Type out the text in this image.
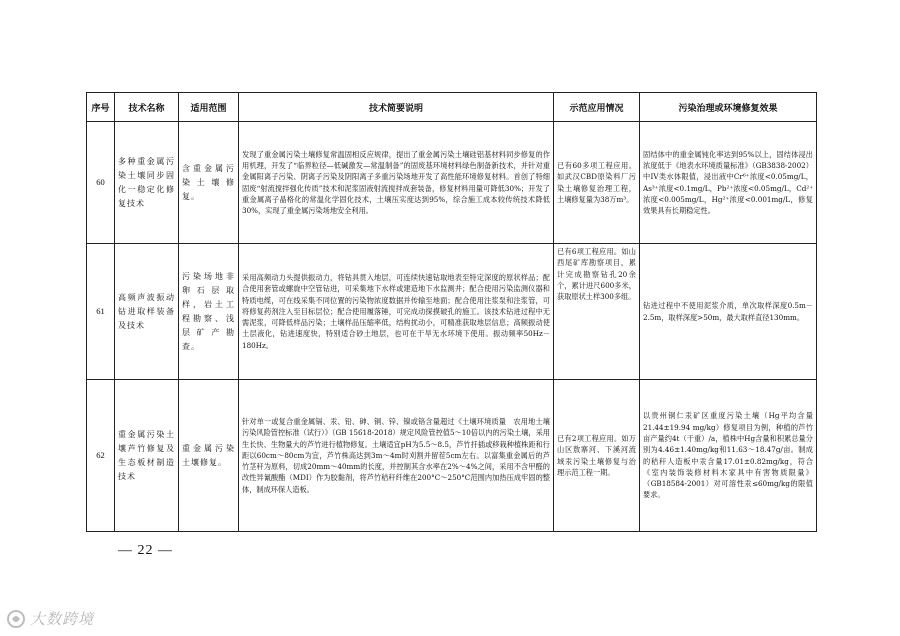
序号	技术名称	适用范围	技术简要说明	示范应用情况	污染治理或环境修复效果
60	多种重金属污染土壤同步固化一稳定化修复技术	含重金属污染土壤修复。	发现了重金属污染土壤修复常温固相反应规律，提出了重金属污染土壤硅铝基材料同步修复的作用机理，开发了“临界粒径—低碱激发—常温制备”的固废基环境材料绿色制备新技术，并针对重金属阳离子污染、阴离子污染及阴阳离子多重污染场地开发了高性能环境修复材料。首创了特细固废“射流搅拌强化传质”技术和泥浆固液射流搅拌成套装备，修复材料用量可降低30%；开发了重金属离子晶格化的常温化学固化技术，土壤压实度达到95%，综合施工成本较传统技术降低30%，实现了重金属污染场地安全利用。	已有60多项工程应用。如武汉CBD原染料厂污染土壤修复治理工程，土壤修复量为38万m³。	固结体中的重金属钝化率达到95%以上，固结体浸出浓度低于《地表水环境质量标准》（GB3838-2002）中IV类水体限值，浸出液中Cr⁶⁺浓度<0.05mg/L，As³⁺浓度<0.1mg/L，Pb²⁺浓度<0.05mg/L，Cd²⁺浓度<0.005mg/L，Hg²⁺浓度<0.001mg/L，修复效果具有长期稳定性。
61	高频声波振动钻进取样装备及技术	污染场地非卵石层取样，岩土工程勘察、浅层矿产勘查。	采用高频动力头提供振动力，将钻具贯入地层，可连续快速钻取地表至特定深度的原状样品；配合使用套管或螺旋中空管钻进，可采集地下水样或建造地下水监测井；配合使用污染监测仪器和特质电缆，可在线采集不同位置的污染物浓度数据并传输至地面；配合使用注浆泵和注浆管，可将修复药剂注入至目标层位；配合使用履落锤，可完成动探摸破孔的施工。该技术钻进过程中无需泥浆，可降低样品污染；土壤样品压缩率低，结构扰动小，可精准获取地层信息；高频振动使土层液化，钻进速度快，特别适合砂土地层，也可在干旱无水环境下使用。振动频率50Hz－180Hz。	已有6项工程应用。如山西尾矿库勘察项目，累计完成勘察钻孔20余个，累计进尺600多米，获取原状土样300多组。	钻进过程中不使用泥浆介质，单次取样深度0.5m－2.5m，取样深度>50m，最大取样直径130mm。
62	重金属污染土壤芦竹修复及生态板材制造技术	重金属污染土壤修复。	针对单一或复合重金属镉、汞、铅、砷、铜、锌、镍或铬含量超过《土壤环境质量　农用地土壤污染风险管控标准（试行）》（GB 15618-2018）规定风险管控值5～10倍以内的污染土壤，采用生长快、生物量大的芦竹进行植物修复。土壤适宜pH为5.5～8.5，芦竹扦插或移栽种植株距和行距以60cm～80cm为宜，芦竹株高达到3m～4m时刈割并留茬5cm左右。以富集重金属后的芦竹茎秆为原料，切成20mm～40mm的长度，并控制其含水率在2%～4%之间，采用不含甲醛的改性异氰酸酯（MDI）作为胶黏剂，将芦竹秸秆纤维在200°C～250°C范围内加热压成牢固的整体，制成环保人造板。	已有2项工程应用。如万山区敖寨河、下溪河流域汞污染土壤修复与治理示范工程一期。	以贵州铜仁汞矿区重度污染土壤（Hg平均含量21.44±19.94 mg/kg）修复项目为例，种植的芦竹亩产量约4t（干重）/a，植株中Hg含量和积累总量分别为4.46±1.40mg/kg和11.63～18.47g/亩。制成的秸秆人造板中汞含量17.01±0.82mg/kg，符合《室内装饰装修材料木家具中有害物质限量》（GB18584-2001）对可溶性汞≤60mg/kg的限值要求。
— 22 —
大数跨境
